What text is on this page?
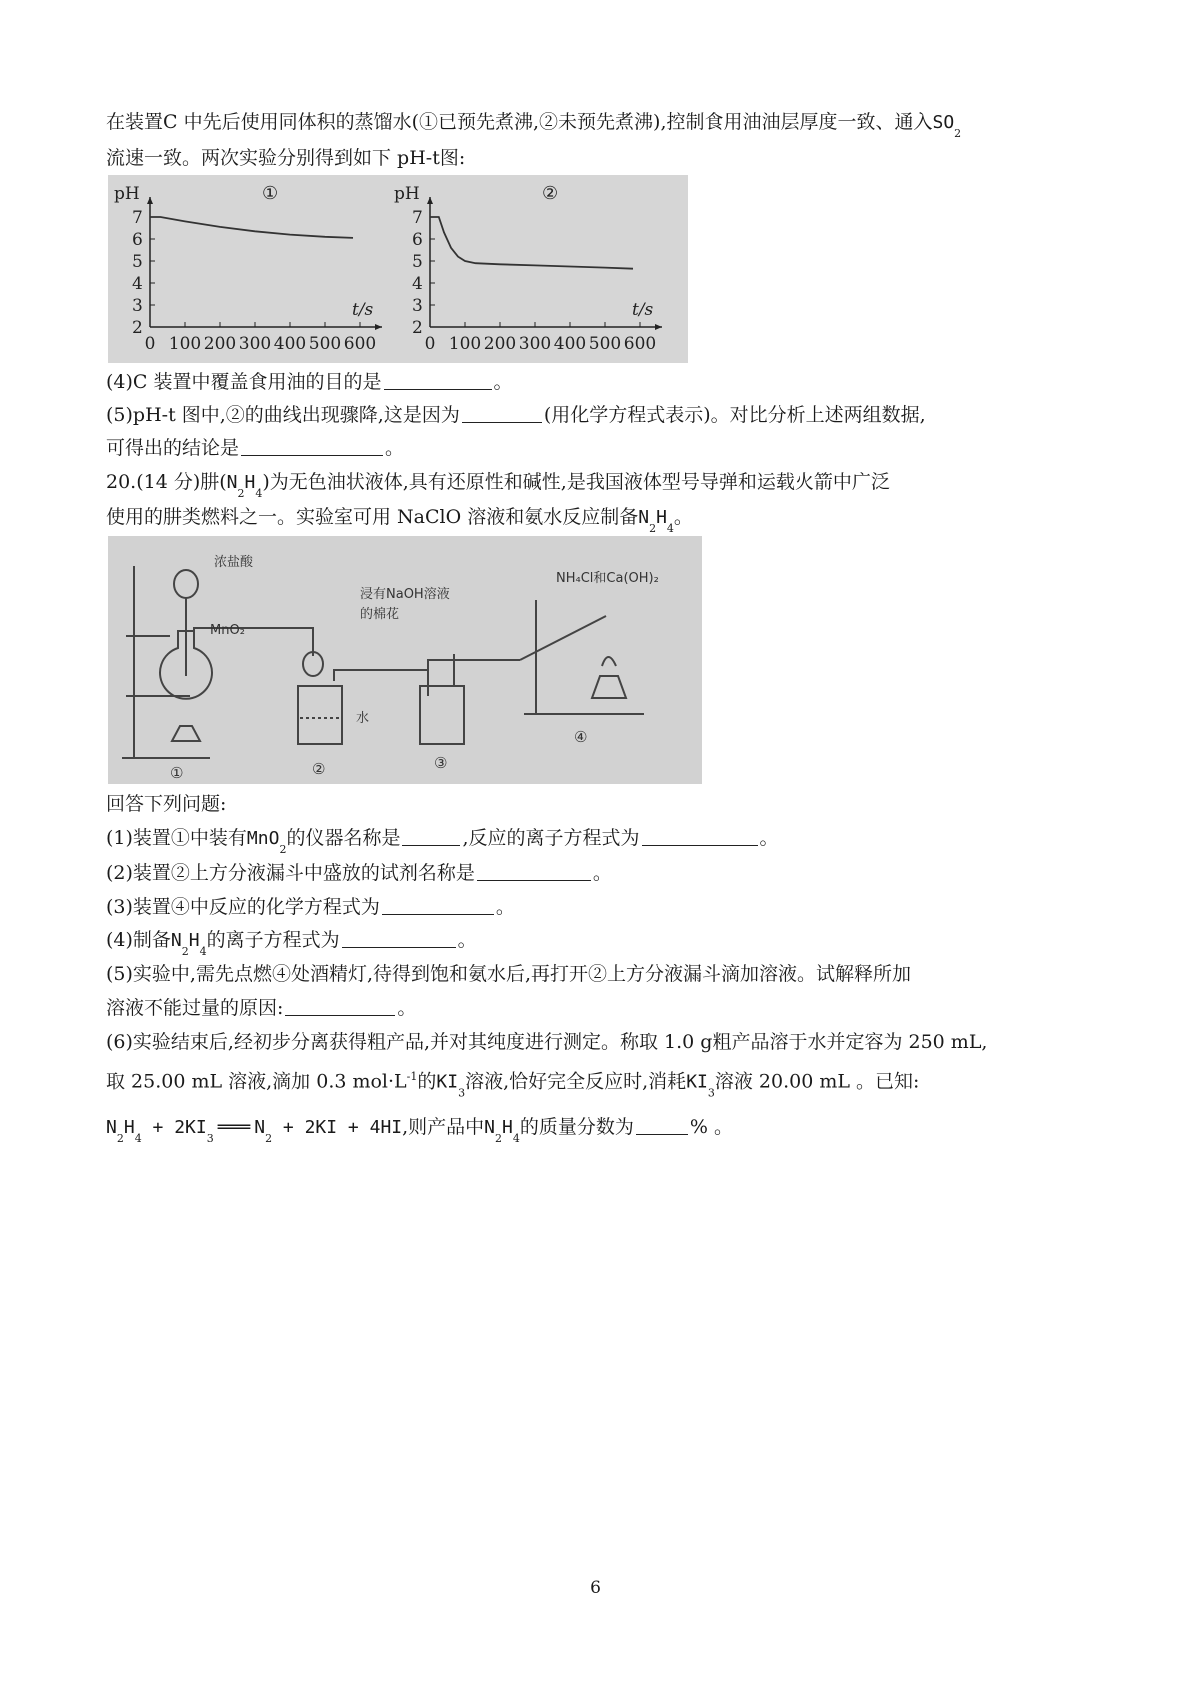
在装置C 中先后使用同体积的蒸馏水(①已预先煮沸,②未预先煮沸),控制食用油油层厚度一致、通入$SO_2$
流速一致。两次实验分别得到如下 pH-t图:
2
3
4
5
6
7
0 100 200 300 400 500 600
pH
t/s
①
2
3
4
5
6
7
0 100 200 300 400 500 600
pH
t/s
②
(4)C 装置中覆盖食用油的目的是	。
(5)pH-t 图中,②的曲线出现骤降,这是因为	(用化学方程式表示)。对比分析上述两组数据,
可得出的结论是	。
20.(14 分)肼$(N_2H_4)$为无色油状液体,具有还原性和碱性,是我国液体型号导弹和运载火箭中广泛
使用的肼类燃料之一。实验室可用 NaClO 溶液和氨水反应制备$N_2H_4$。
浓盐酸
MnO₂
浸有NaOH溶液
的棉花
水
NH₄Cl和Ca(OH)₂
①	②	③
④
回答下列问题:
(1)装置①中装有MnO$_2$的仪器名称是	,反应的离子方程式为	。
(2)装置②上方分液漏斗中盛放的试剂名称是	。
(3)装置④中反应的化学方程式为	。
(4)制备$N_2H_4$的离子方程式为	。
(5)实验中,需先点燃④处酒精灯,待得到饱和氨水后,再打开②上方分液漏斗滴加溶液。试解释所加
溶液不能过量的原因:	。
(6)实验结束后,经初步分离获得粗产品,并对其纯度进行测定。称取 1.0 g粗产品溶于水并定容为 250 mL,
取 25.00 mL 溶液,滴加 0.3 $mol\cdot L^{-1}$的$KI_3$溶液,恰好完全反应时,消耗$KI_3$溶液 20.00 mL 。已知:
$N_2H_4$ + $2KI_3═══$ $N_2 + 2KI + 4HI$,则产品中$N_2H_4$的质量分数为	% 。
6
